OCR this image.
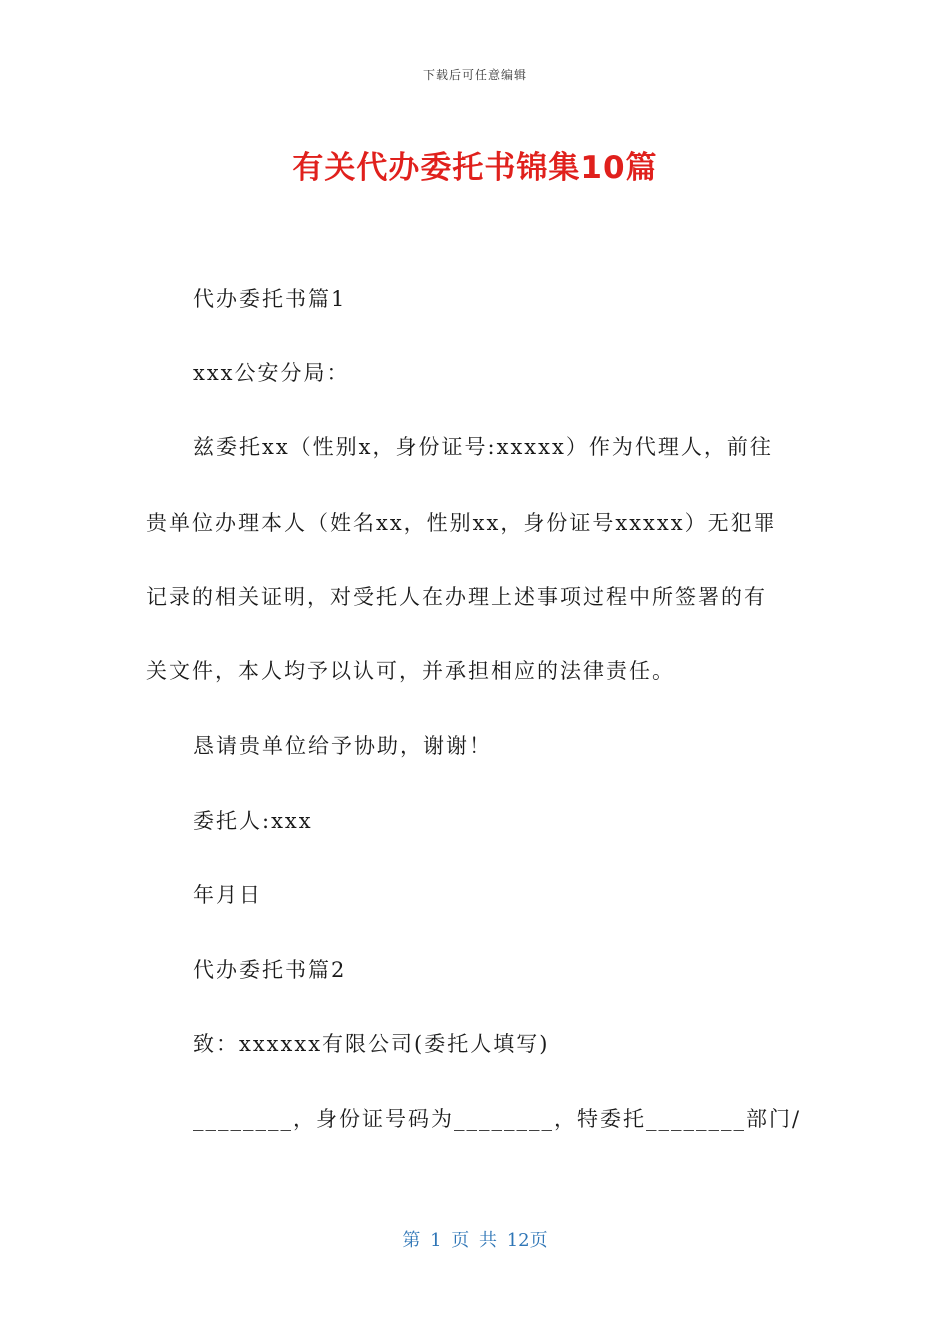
下载后可任意编辑
有关代办委托书锦集10篇
代办委托书篇1
xxx公安分局：
兹委托xx（性别x，身份证号:xxxxx）作为代理人，前往
贵单位办理本人（姓名xx，性别xx，身份证号xxxxx）无犯罪
记录的相关证明，对受托人在办理上述事项过程中所签署的有
关文件，本人均予以认可，并承担相应的法律责任。
恳请贵单位给予协助，谢谢！
委托人:xxx
年月日
代办委托书篇2
致：xxxxxx有限公司(委托人填写)
________，身份证号码为________，特委托________部门/
第 1 页 共 12页
